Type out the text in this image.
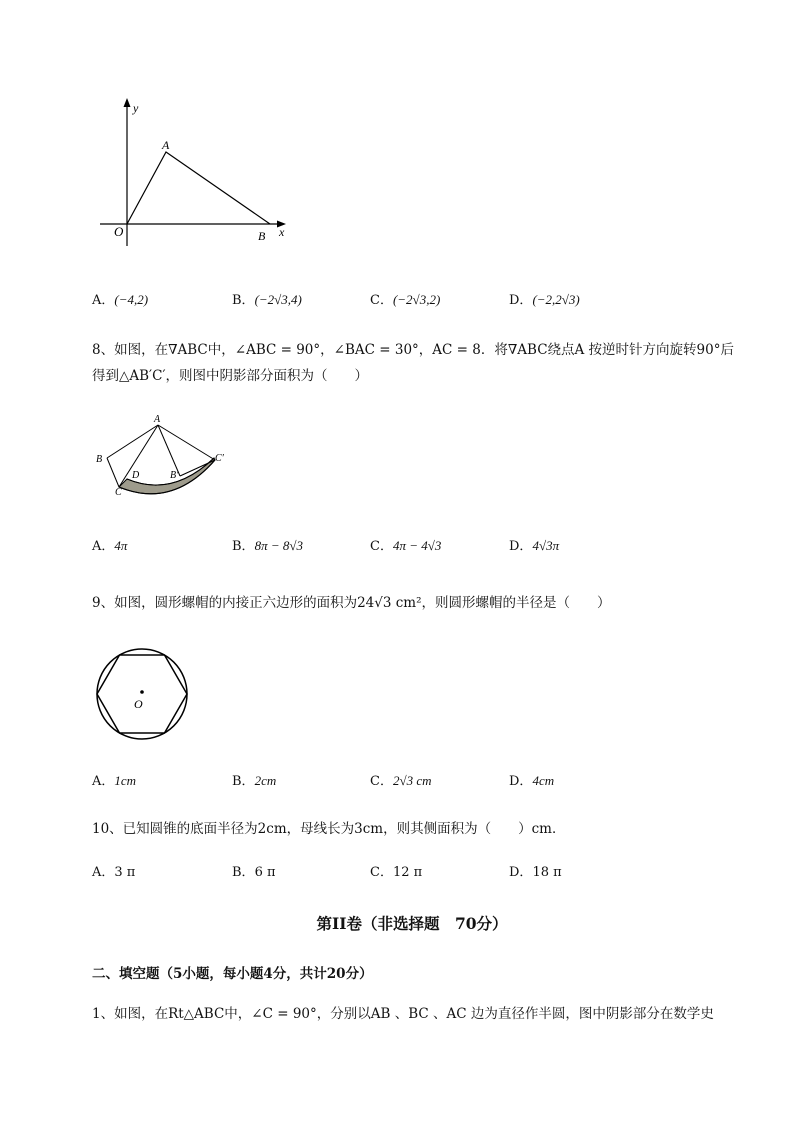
y
A
O	B x
A．(−4,2)	B．(−2√3,4)	C．(−2√3,2)	D．(−2,2√3)
8、如图，在∇ABC中，∠ABC = 90°，∠BAC = 30°，AC = 8．将∇ABC绕点A 按逆时针方向旋转90°后
得到△AB′C′，则图中阴影部分面积为（　　）
A
B
D	B′
C′
C
A．4π	B．8π − 8√3	C．4π − 4√3	D．4√3π
9、如图，圆形螺帽的内接正六边形的面积为24√3 cm²，则圆形螺帽的半径是（　　）
O
A．1cm	B．2cm	C．2√3 cm	D．4cm
10、已知圆锥的底面半径为2cm，母线长为3cm，则其侧面积为（　　）cm．
A．3 π	B．6 π	C．12 π	D．18 π
第II卷（非选择题　70分）
二、填空题（5小题，每小题4分，共计20分）
1、如图，在Rt△ABC中，∠C = 90°，分别以AB 、BC 、AC 边为直径作半圆，图中阴影部分在数学史
